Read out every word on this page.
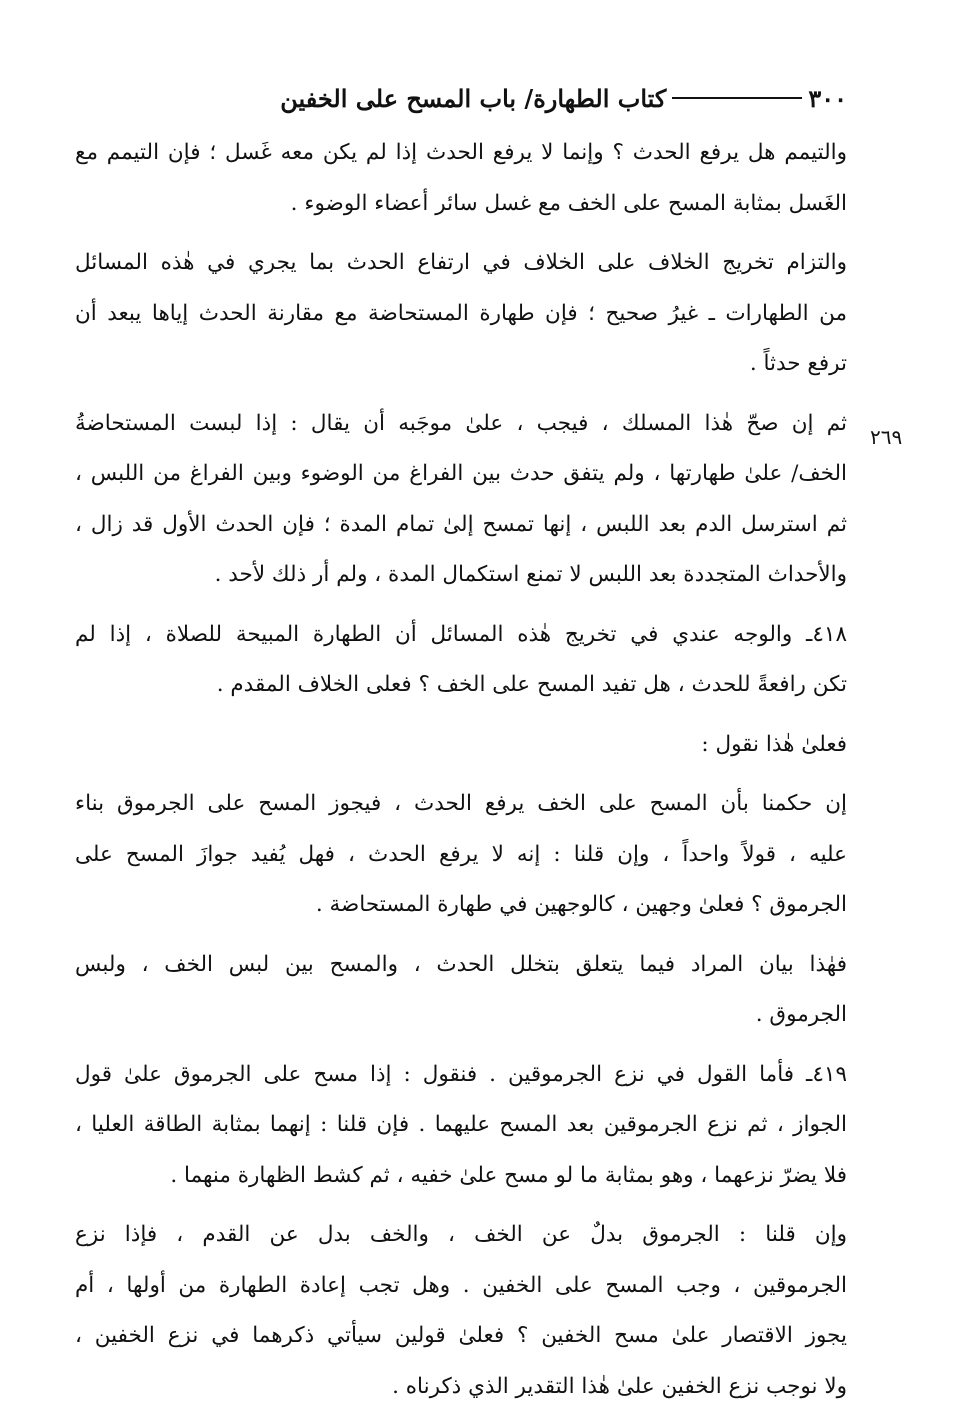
٣٠٠
كتاب الطهارة/ باب المسح على الخفين
٢٦٩
والتيمم هل يرفع الحدث ؟ وإنما لا يرفع الحدث إذا لم يكن معه غَسل ؛ فإن التيمم مع
الغَسل بمثابة المسح على الخف مع غسل سائر أعضاء الوضوء .
والتزام تخريج الخلاف على الخلاف في ارتفاع الحدث بما يجري في هٰذه المسائل
من الطهارات ـ غيرُ صحيح ؛ فإن طهارة المستحاضة مع مقارنة الحدث إياها يبعد أن
ترفع حدثاً .
ثم إن صحّ هٰذا المسلك ، فيجب ، علىٰ موجَبه أن يقال : إذا لبست المستحاضةُ
الخف/ علىٰ طهارتها ، ولم يتفق حدث بين الفراغ من الوضوء وبين الفراغ من اللبس ،
ثم استرسل الدم بعد اللبس ، إنها تمسح إلىٰ تمام المدة ؛ فإن الحدث الأول قد زال ،
والأحداث المتجددة بعد اللبس لا تمنع استكمال المدة ، ولم أر ذلك لأحد .
٤١٨ـ والوجه عندي في تخريج هٰذه المسائل أن الطهارة المبيحة للصلاة ، إذا لم
تكن رافعةً للحدث ، هل تفيد المسح على الخف ؟ فعلى الخلاف المقدم .
فعلىٰ هٰذا نقول :
إن حكمنا بأن المسح على الخف يرفع الحدث ، فيجوز المسح على الجرموق بناء
عليه ، قولاً واحداً ، وإن قلنا : إنه لا يرفع الحدث ، فهل يُفيد جوازَ المسح على
الجرموق ؟ فعلىٰ وجهين ، كالوجهين في طهارة المستحاضة .
فهٰذا بيان المراد فيما يتعلق بتخلل الحدث ، والمسح بين لبس الخف ، ولبس
الجرموق .
٤١٩ـ فأما القول في نزع الجرموقين . فنقول : إذا مسح على الجرموق علىٰ قول
الجواز ، ثم نزع الجرموقين بعد المسح عليهما . فإن قلنا : إنهما بمثابة الطاقة العليا ،
فلا يضرّ نزعهما ، وهو بمثابة ما لو مسح علىٰ خفيه ، ثم كشط الظهارة منهما .
وإن قلنا : الجرموق بدلٌ عن الخف ، والخف بدل عن القدم ، فإذا نزع
الجرموقين ، وجب المسح على الخفين . وهل تجب إعادة الطهارة من أولها ، أم
يجوز الاقتصار علىٰ مسح الخفين ؟ فعلىٰ قولين سيأتي ذكرهما في نزع الخفين ،
ولا نوجب نزع الخفين علىٰ هٰذا التقدير الذي ذكرناه .
